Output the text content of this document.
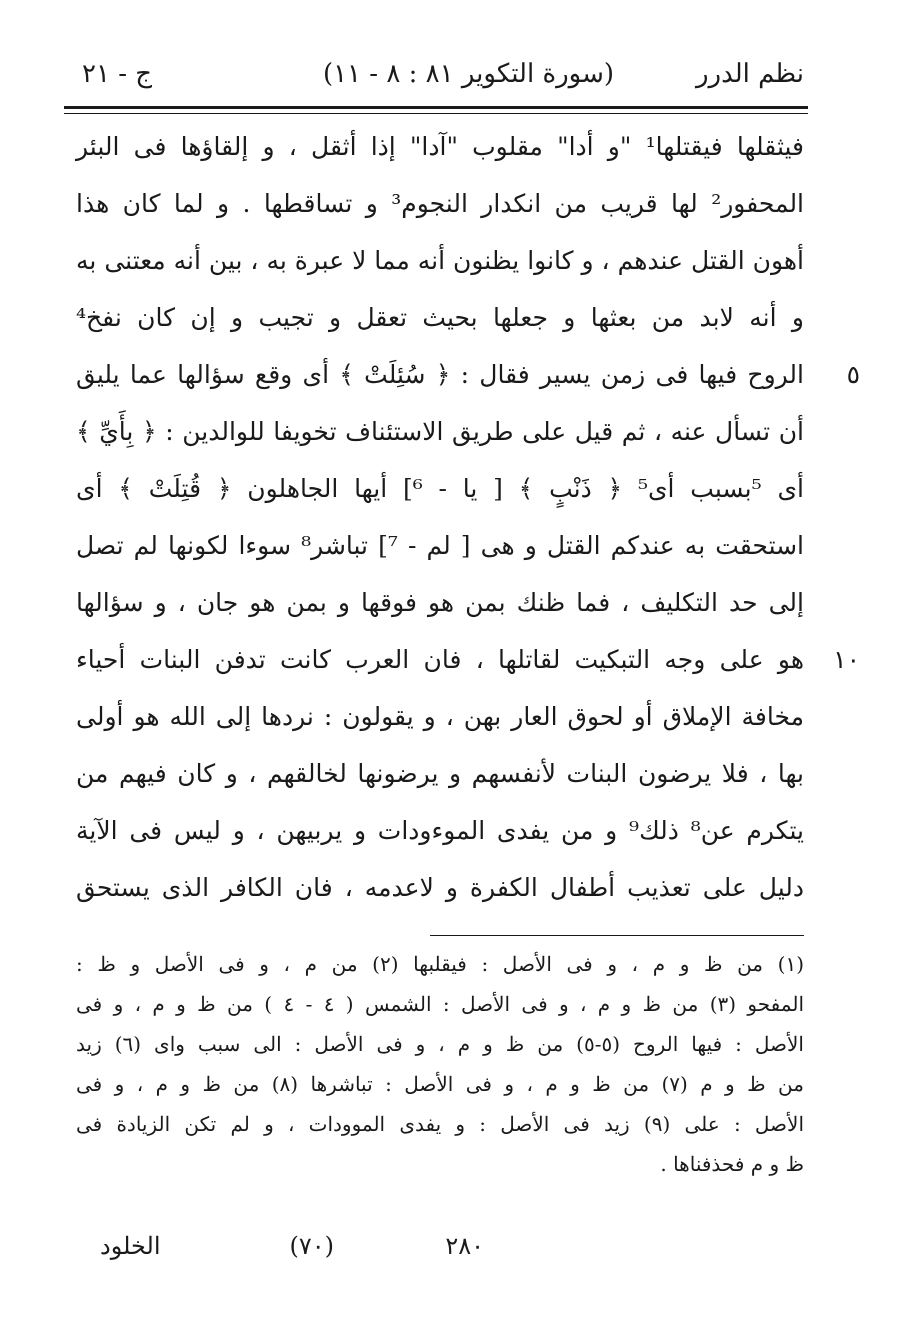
نظم الدرر
(سورة التكوير ٨١ : ٨ - ١١)
ج - ٢١
فيثقلها فيقتلها¹ "و أدا" مقلوب "آدا" إذا أثقل ، و إلقاؤها فى البئر
المحفور² لها قريب من انكدار النجوم³ و تساقطها . و لما كان هذا
أهون القتل عندهم ، و كانوا يظنون أنه مما لا عبرة به ، بين أنه معتنى به
و أنه لابد من بعثها و جعلها بحيث تعقل و تجيب و إن كان نفخ⁴
٥
الروح فيها فى زمن يسير فقال : ﴿ سُئِلَتْ ﴾ أى وقع سؤالها عما يليق
أن تسأل عنه ، ثم قيل على طريق الاستئناف تخويفا للوالدين : ﴿ بِأَيِّ ﴾
أى ⁵بسبب أى⁵ ﴿ ذَنْبٍ ﴾ [ يا - ⁶] أيها الجاهلون ﴿ قُتِلَتْ ﴾ أى
استحقت به عندكم القتل و هى [ لم - ⁷] تباشر⁸ سوءا لكونها لم تصل
إلى حد التكليف ، فما ظنك بمن هو فوقها و بمن هو جان ، و سؤالها
١٠
هو على وجه التبكيت لقاتلها ، فان العرب كانت تدفن البنات أحياء
مخافة الإملاق أو لحوق العار بهن ، و يقولون : نردها إلى الله هو أولى
بها ، فلا يرضون البنات لأنفسهم و يرضونها لخالقهم ، و كان فيهم من
يتكرم عن⁸ ذلك⁹ و من يفدى الموءودات و يربيهن ، و ليس فى الآية
دليل على تعذيب أطفال الكفرة و لاعدمه ، فان الكافر الذى يستحق
(١) من ظ و م ، و فى الأصل : فيقلبها (٢) من م ، و فى الأصل و ظ :
المفحو (٣) من ظ و م ، و فى الأصل : الشمس ( ٤ - ٤ ) من ظ و م ، و فى
الأصل : فيها الروح (٥-٥) من ظ و م ، و فى الأصل : الى سبب واى (٦) زيد
من ظ و م (٧) من ظ و م ، و فى الأصل : تباشرها (٨) من ظ و م ، و فى
الأصل : على (٩) زيد فى الأصل : و يفدى الموودات ، و لم تكن الزيادة فى
ظ و م فحذفناها .
٢٨٠
(٧٠)
الخلود
